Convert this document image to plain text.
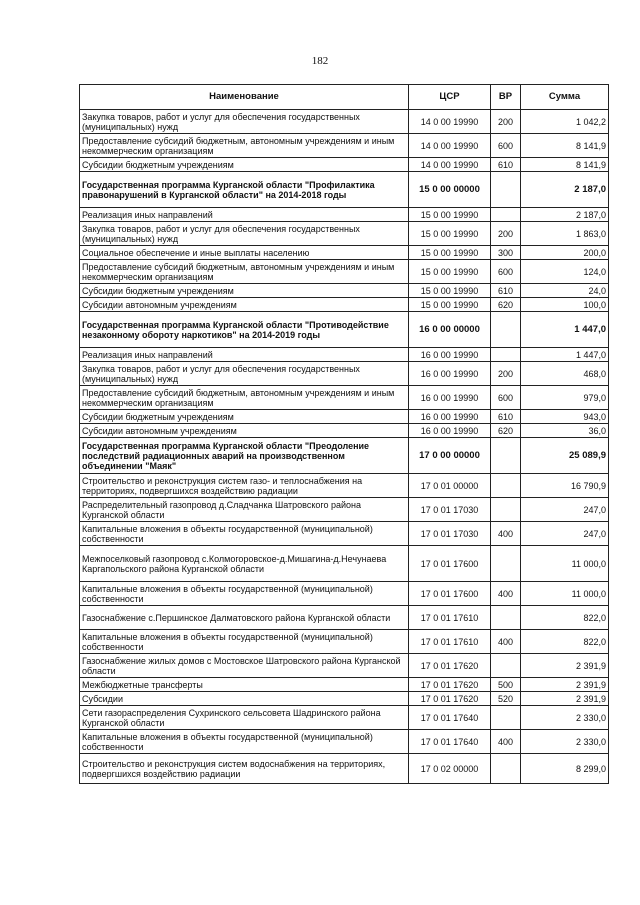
182
Наименование	ЦСР	ВР	Сумма
Закупка товаров, работ и услуг для обеспечения государственных (муниципальных) нужд	14 0 00 19990	200	1 042,2
Предоставление субсидий бюджетным, автономным учреждениям и иным некоммерческим организациям	14 0 00 19990	600	8 141,9
Субсидии бюджетным учреждениям	14 0 00 19990	610	8 141,9
Государственная программа Курганской области "Профилактика правонарушений в Курганской области" на 2014-2018 годы	15 0 00 00000		2 187,0
Реализация иных направлений	15 0 00 19990		2 187,0
Закупка товаров, работ и услуг для обеспечения государственных (муниципальных) нужд	15 0 00 19990	200	1 863,0
Социальное обеспечение и иные выплаты населению	15 0 00 19990	300	200,0
Предоставление субсидий бюджетным, автономным учреждениям и иным некоммерческим организациям	15 0 00 19990	600	124,0
Субсидии бюджетным учреждениям	15 0 00 19990	610	24,0
Субсидии автономным учреждениям	15 0 00 19990	620	100,0
Государственная программа Курганской области "Противодействие незаконному обороту наркотиков" на 2014-2019 годы	16 0 00 00000		1 447,0
Реализация иных направлений	16 0 00 19990		1 447,0
Закупка товаров, работ и услуг для обеспечения государственных (муниципальных) нужд	16 0 00 19990	200	468,0
Предоставление субсидий бюджетным, автономным учреждениям и иным некоммерческим организациям	16 0 00 19990	600	979,0
Субсидии бюджетным учреждениям	16 0 00 19990	610	943,0
Субсидии автономным учреждениям	16 0 00 19990	620	36,0
Государственная программа Курганской области "Преодоление последствий радиационных аварий на производственном объединении "Маяк"	17 0 00 00000		25 089,9
Строительство и реконструкция систем газо- и теплоснабжения на территориях, подвергшихся воздействию радиации	17 0 01 00000		16 790,9
Распределительный газопровод д.Сладчанка Шатровского района Курганской области	17 0 01 17030		247,0
Капитальные вложения в объекты государственной (муниципальной) собственности	17 0 01 17030	400	247,0
Межпоселковый газопровод с.Колмогоровское-д.Мишагина-д.Нечунаева Каргапольского района Курганской области	17 0 01 17600		11 000,0
Капитальные вложения в объекты государственной (муниципальной) собственности	17 0 01 17600	400	11 000,0
Газоснабжение с.Першинское Далматовского района Курганской области	17 0 01 17610		822,0
Капитальные вложения в объекты государственной (муниципальной) собственности	17 0 01 17610	400	822,0
Газоснабжение жилых домов с Мостовское Шатровского района Курганской области	17 0 01 17620		2 391,9
Межбюджетные трансферты	17 0 01 17620	500	2 391,9
Субсидии	17 0 01 17620	520	2 391,9
Сети газораспределения Сухринского сельсовета Шадринского района Курганской области	17 0 01 17640		2 330,0
Капитальные вложения в объекты государственной (муниципальной) собственности	17 0 01 17640	400	2 330,0
Строительство и реконструкция систем водоснабжения на территориях, подвергшихся воздействию радиации	17 0 02 00000		8 299,0
